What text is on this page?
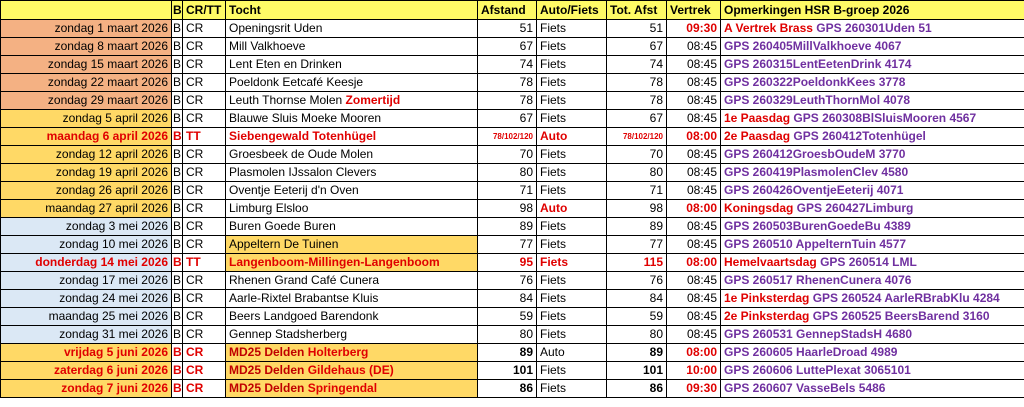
	B	CR/TT	Tocht	Afstand	Auto/Fiets	Tot. Afst	Vertrek	Opmerkingen HSR B-groep 2026
zondag 1 maart 2026	B	CR	Openingsrit Uden	51	Fiets	51	09:30	A Vertrek Brass GPS 260301Uden 51
zondag 8 maart 2026	B	CR	Mill Valkhoeve	67	Fiets	67	08:45	GPS 260405MillValkhoeve 4067
zondag 15 maart 2026	B	CR	Lent Eten en Drinken	74	Fiets	74	08:45	GPS 260315LentEetenDrink 4174
zondag 22 maart 2026	B	CR	Poeldonk Eetcafé Keesje	78	Fiets	78	08:45	GPS 260322PoeldonkKees 3778
zondag 29 maart 2026	B	CR	Leuth Thornse Molen Zomertijd	78	Fiets	78	08:45	GPS 260329LeuthThornMol 4078
zondag 5 april 2026	B	CR	Blauwe Sluis Moeke Mooren	67	Fiets	67	08:45	1e Paasdag GPS 260308BlSluisMooren 4567
maandag 6 april 2026	B	TT	Siebengewald Totenhügel	78/102/120	Auto	78/102/120	08:00	2e Paasdag GPS 260412Totenhügel
zondag 12 april 2026	B	CR	Groesbeek de Oude Molen	70	Fiets	70	08:45	GPS 260412GroesbOudeM 3770
zondag 19 april 2026	B	CR	Plasmolen IJssalon Clevers	80	Fiets	80	08:45	GPS 260419PlasmolenClev 4580
zondag 26 april 2026	B	CR	Oventje Eeterij d'n Oven	71	Fiets	71	08:45	GPS 260426OventjeEeterij 4071
maandag 27 april 2026	B	CR	Limburg Elsloo	98	Auto	98	08:00	Koningsdag GPS 260427Limburg
zondag 3 mei 2026	B	CR	Buren Goede Buren	89	Fiets	89	08:45	GPS 260503BurenGoedeBu 4389
zondag 10 mei 2026	B	CR	Appeltern De Tuinen	77	Fiets	77	08:45	GPS 260510 AppelternTuin 4577
donderdag 14 mei 2026	B	TT	Langenboom-Millingen-Langenboom	95	Fiets	115	08:00	Hemelvaartsdag GPS 260514 LML
zondag 17 mei 2026	B	CR	Rhenen Grand Café Cunera	76	Fiets	76	08:45	GPS 260517 RhenenCunera 4076
zondag 24 mei 2026	B	CR	Aarle-Rixtel Brabantse Kluis	84	Fiets	84	08:45	1e Pinksterdag GPS 260524 AarleRBrabKlu 4284
maandag 25 mei 2026	B	CR	Beers Landgoed Barendonk	59	Fiets	59	08:45	2e Pinksterdag GPS 260525 BeersBarend 3160
zondag 31 mei 2026	B	CR	Gennep Stadsherberg	80	Fiets	80	08:45	GPS 260531 GennepStadsH 4680
vrijdag 5 juni 2026	B	CR	MD25 Delden Holterberg	89	Auto	89	08:00	GPS 260605 HaarleDroad 4989
zaterdag 6 juni 2026	B	CR	MD25 Delden Gildehaus (DE)	101	Fiets	101	10:00	GPS 260606 LuttePlexat 3065101
zondag 7 juni 2026	B	CR	MD25 Delden Springendal	86	Fiets	86	09:30	GPS 260607 VasseBels 5486
